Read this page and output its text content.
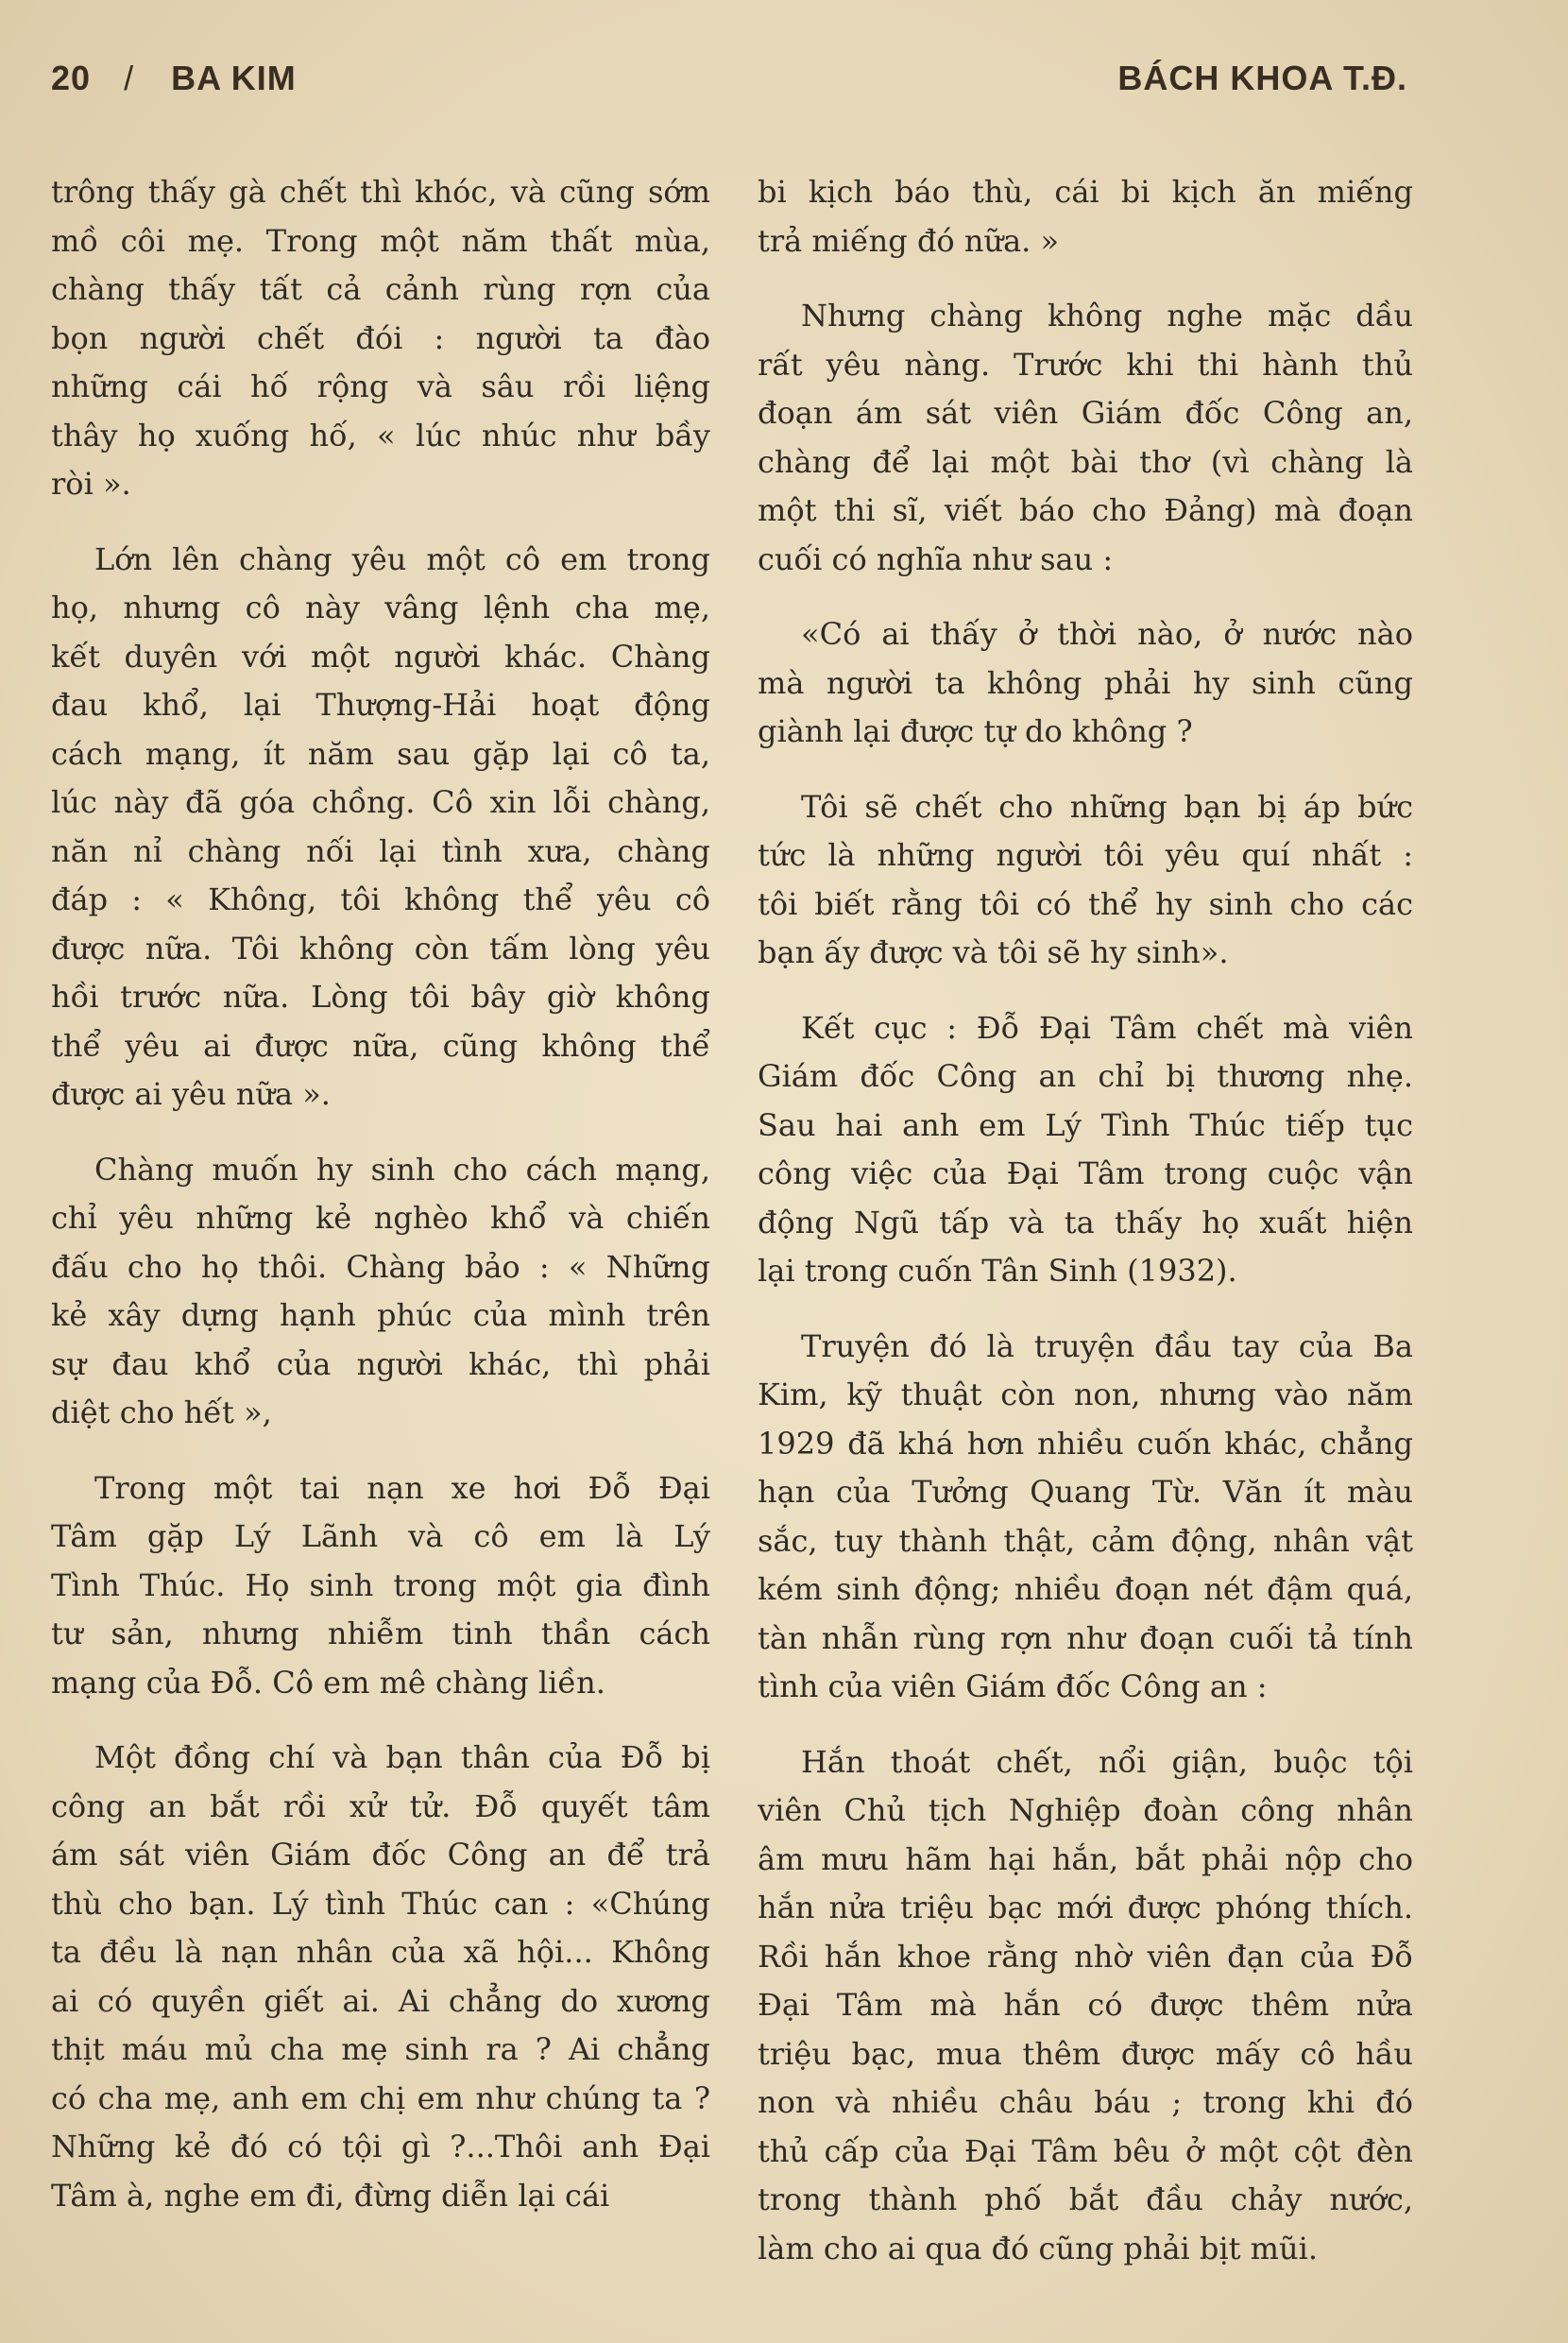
20 / BA KIM	BÁCH KHOA T.Đ.
trông thấy gà chết thì khóc, và cũng sớm
mồ côi mẹ. Trong một năm thất mùa,
chàng thấy tất cả cảnh rùng rợn của
bọn người chết đói : người ta đào
những cái hố rộng và sâu rồi liệng
thây họ xuống hố, « lúc nhúc như bầy
ròi ».
Lớn lên chàng yêu một cô em trong
họ, nhưng cô này vâng lệnh cha mẹ,
kết duyên với một người khác. Chàng
đau khổ, lại Thượng-Hải hoạt động
cách mạng, ít năm sau gặp lại cô ta,
lúc này đã góa chồng. Cô xin lỗi chàng,
năn nỉ chàng nối lại tình xưa, chàng
đáp : « Không, tôi không thể yêu cô
được nữa. Tôi không còn tấm lòng yêu
hồi trước nữa. Lòng tôi bây giờ không
thể yêu ai được nữa, cũng không thể
được ai yêu nữa ».
Chàng muốn hy sinh cho cách mạng,
chỉ yêu những kẻ nghèo khổ và chiến
đấu cho họ thôi. Chàng bảo : « Những
kẻ xây dựng hạnh phúc của mình trên
sự đau khổ của người khác, thì phải
diệt cho hết »,
Trong một tai nạn xe hơi Đỗ Đại
Tâm gặp Lý Lãnh và cô em là Lý
Tình Thúc. Họ sinh trong một gia đình
tư sản, nhưng nhiễm tinh thần cách
mạng của Đỗ. Cô em mê chàng liền.
Một đồng chí và bạn thân của Đỗ bị
công an bắt rồi xử tử. Đỗ quyết tâm
ám sát viên Giám đốc Công an để trả
thù cho bạn. Lý tình Thúc can : «Chúng
ta đều là nạn nhân của xã hội... Không
ai có quyền giết ai. Ai chẳng do xương
thịt máu mủ cha mẹ sinh ra ? Ai chẳng
có cha mẹ, anh em chị em như chúng ta ?
Những kẻ đó có tội gì ?...Thôi anh Đại
Tâm à, nghe em đi, đừng diễn lại cái
bi kịch báo thù, cái bi kịch ăn miếng
trả miếng đó nữa. »
Nhưng chàng không nghe mặc dầu
rất yêu nàng. Trước khi thi hành thủ
đoạn ám sát viên Giám đốc Công an,
chàng để lại một bài thơ (vì chàng là
một thi sĩ, viết báo cho Đảng) mà đoạn
cuối có nghĩa như sau :
«Có ai thấy ở thời nào, ở nước nào
mà người ta không phải hy sinh cũng
giành lại được tự do không ?
Tôi sẽ chết cho những bạn bị áp bức
tức là những người tôi yêu quí nhất :
tôi biết rằng tôi có thể hy sinh cho các
bạn ấy được và tôi sẽ hy sinh».
Kết cục : Đỗ Đại Tâm chết mà viên
Giám đốc Công an chỉ bị thương nhẹ.
Sau hai anh em Lý Tình Thúc tiếp tục
công việc của Đại Tâm trong cuộc vận
động Ngũ tấp và ta thấy họ xuất hiện
lại trong cuốn Tân Sinh (1932).
Truyện đó là truyện đầu tay của Ba
Kim, kỹ thuật còn non, nhưng vào năm
1929 đã khá hơn nhiều cuốn khác, chẳng
hạn của Tưởng Quang Từ. Văn ít màu
sắc, tuy thành thật, cảm động, nhân vật
kém sinh động; nhiều đoạn nét đậm quá,
tàn nhẫn rùng rợn như đoạn cuối tả tính
tình của viên Giám đốc Công an :
Hắn thoát chết, nổi giận, buộc tội
viên Chủ tịch Nghiệp đoàn công nhân
âm mưu hãm hại hắn, bắt phải nộp cho
hắn nửa triệu bạc mới được phóng thích.
Rồi hắn khoe rằng nhờ viên đạn của Đỗ
Đại Tâm mà hắn có được thêm nửa
triệu bạc, mua thêm được mấy cô hầu
non và nhiều châu báu ; trong khi đó
thủ cấp của Đại Tâm bêu ở một cột đèn
trong thành phố bắt đầu chảy nước,
làm cho ai qua đó cũng phải bịt mũi.
